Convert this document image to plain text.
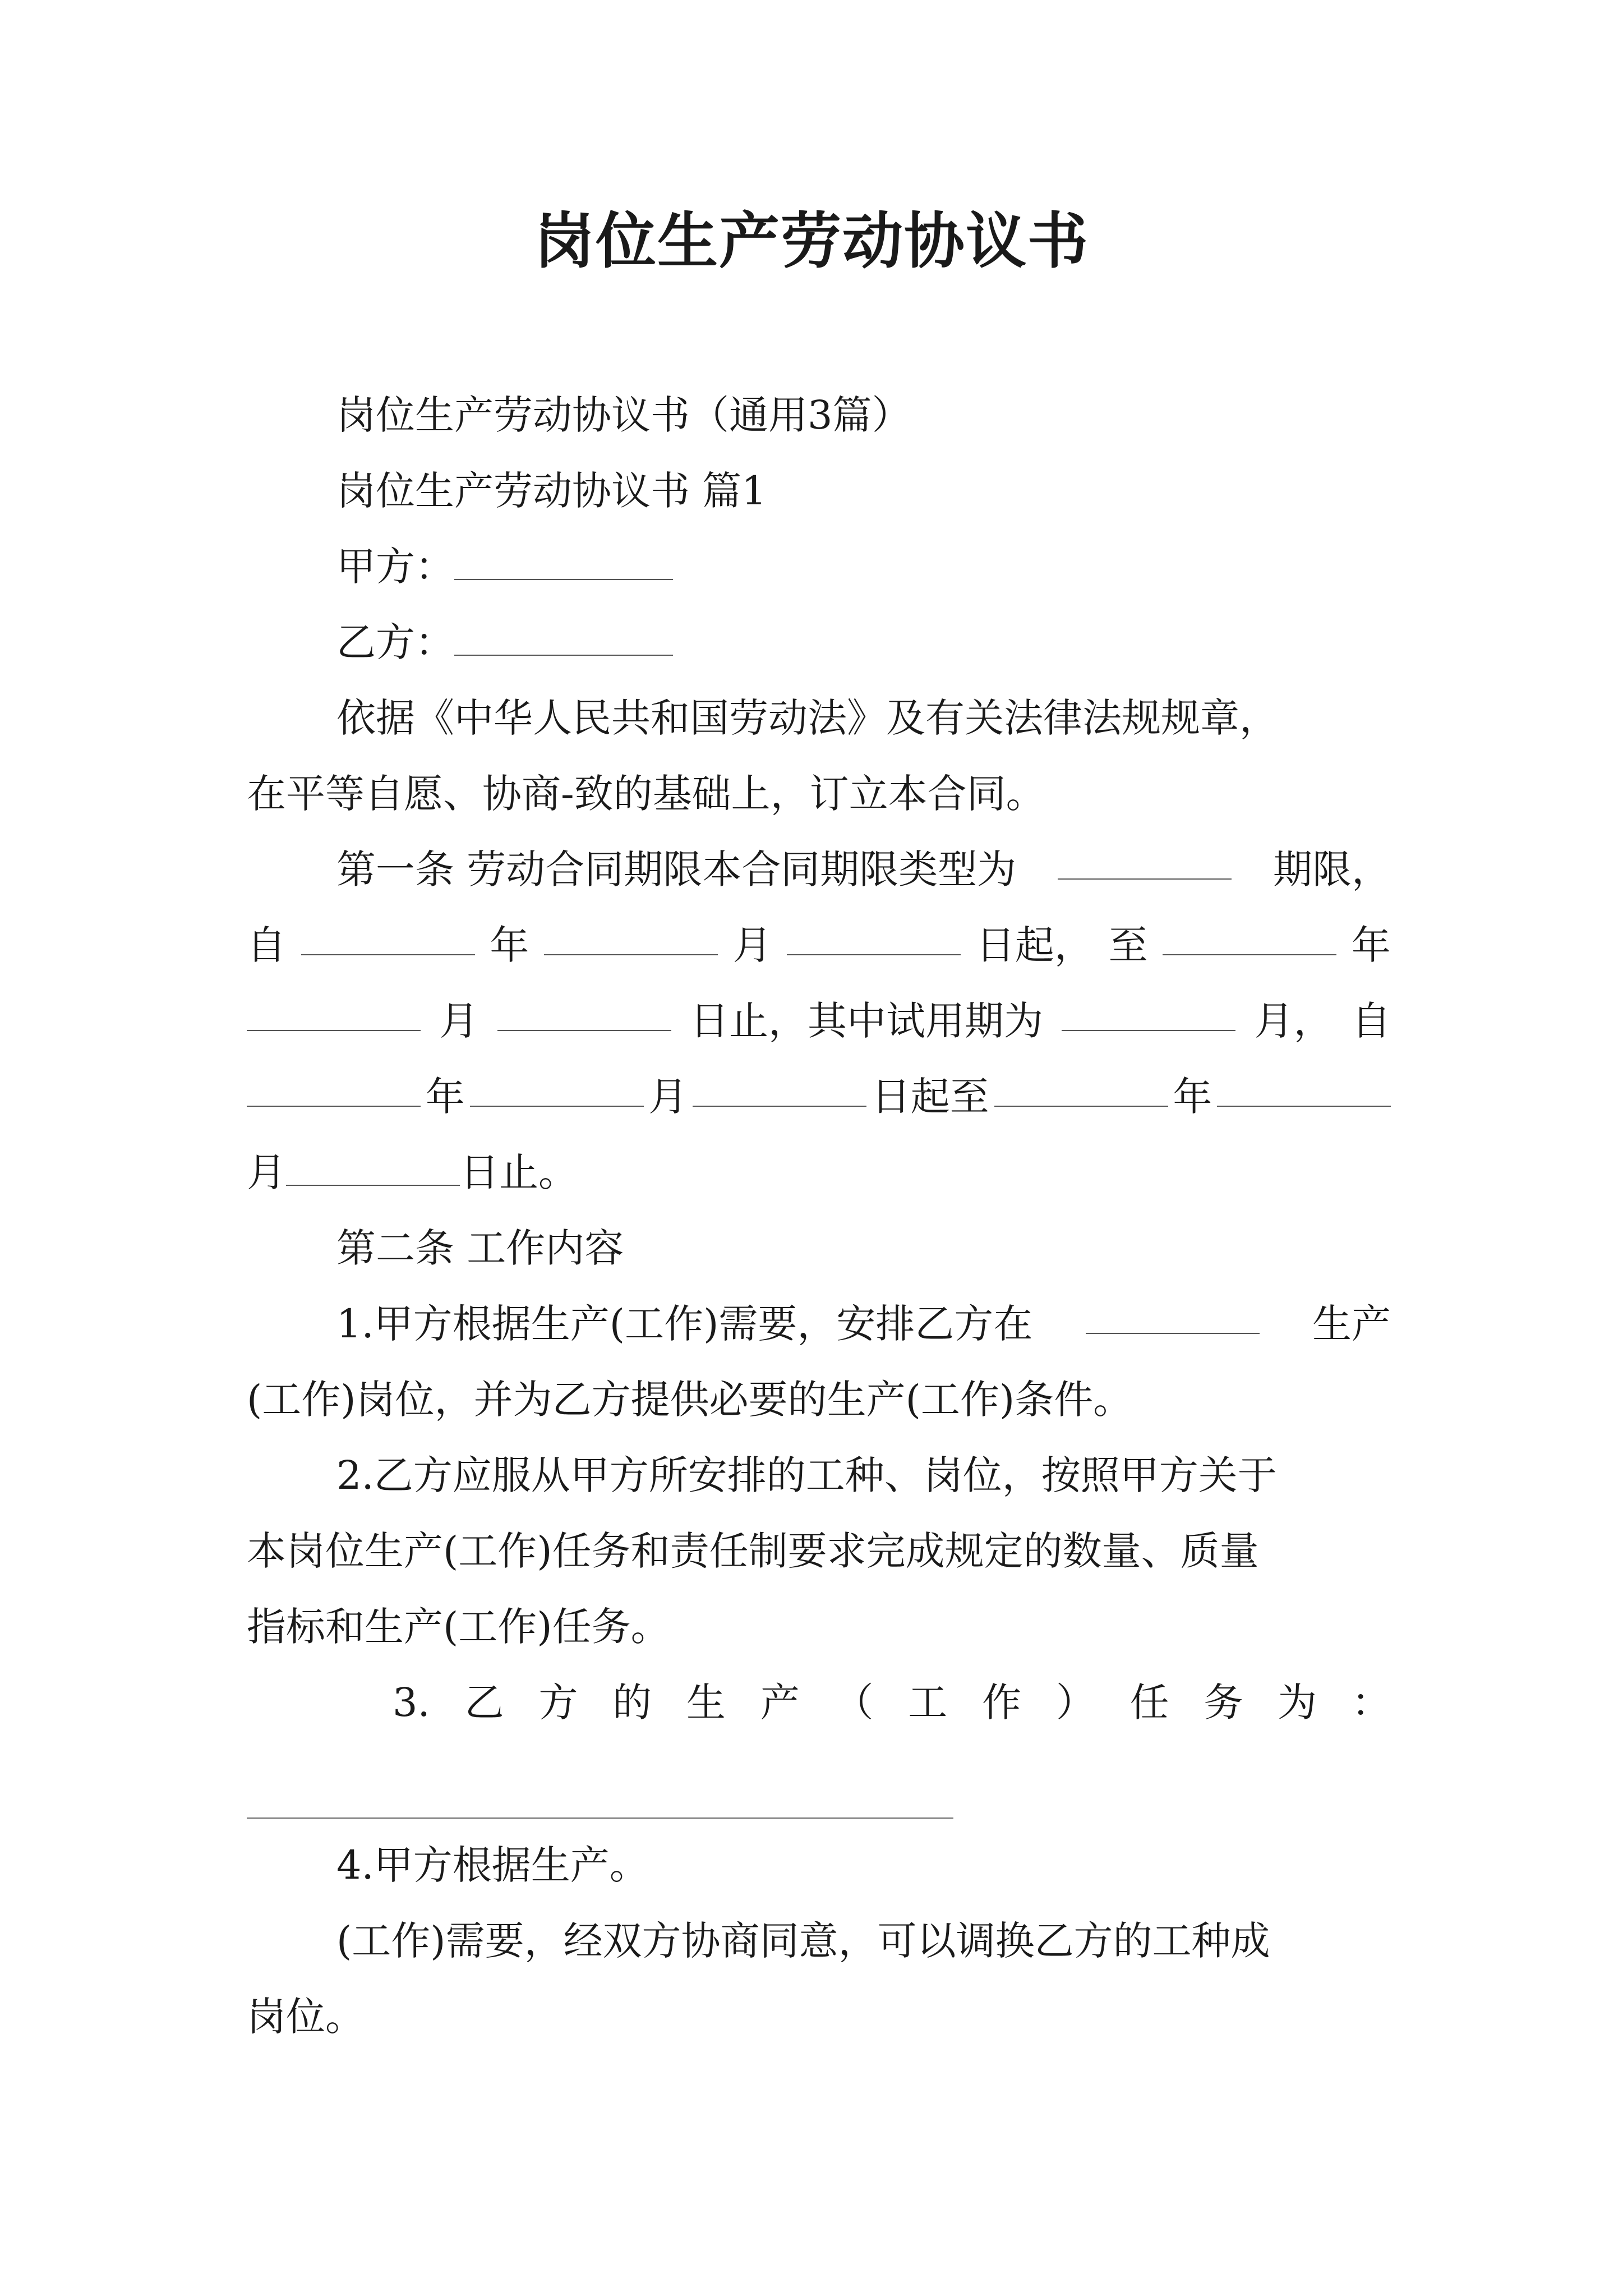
岗位生产劳动协议书
岗位生产劳动协议书（通用3篇）
岗位生产劳动协议书 篇1
甲方：
乙方：
依据《中华人民共和国劳动法》及有关法律法规规章，
在平等自愿、协商-致的基础上，订立本合同。
第一条 劳动合同期限本合同期限类型为	期限，
自	年	月	日起， 至	年
月	日止，其中试用期为	月， 自
年	月	日起至	年
月	日止。
第二条 工作内容
1.甲方根据生产(工作)需要，安排乙方在	生产
(工作)岗位，并为乙方提供必要的生产(工作)条件。
2.乙方应服从甲方所安排的工种、岗位，按照甲方关于
本岗位生产(工作)任务和责任制要求完成规定的数量、质量
指标和生产(工作)任务。
3. 乙 方 的 生 产 （ 工 作 ） 任 务 为 ：
4.甲方根据生产。
(工作)需要，经双方协商同意，可以调换乙方的工种成
岗位。
